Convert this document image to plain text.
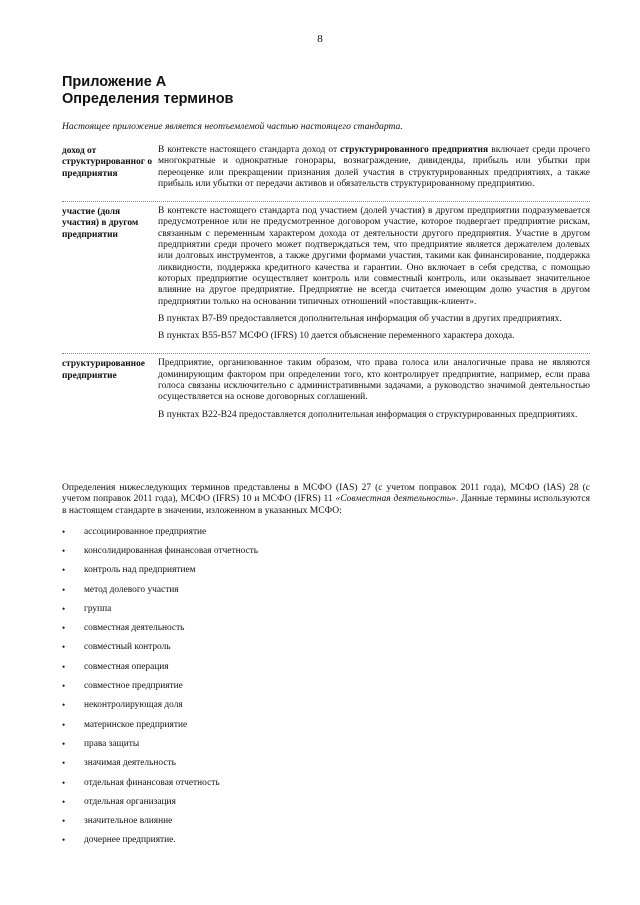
8
Приложение А
Определения терминов
Настоящее приложение является неотъемлемой частью настоящего стандарта.
доход от структурированног о предприятия

В контексте настоящего стандарта доход от структурированного предприятия включает среди прочего многократные и однократные гонорары, вознаграждение, дивиденды, прибыль или убытки при переоценке или прекращении признания долей участия в структурированных предприятиях, а также прибыль или убытки от передачи активов и обязательств структурированному предприятию.

участие (доля участия) в другом предприятии

В контексте настоящего стандарта под участием (долей участия) в другом предприятии подразумевается предусмотренное или не предусмотренное договором участие, которое подвергает предприятие рискам, связанным с переменным характером дохода от деятельности другого предприятия. Участие в другом предприятии среди прочего может подтверждаться тем, что предприятие является держателем долевых или долговых инструментов, а также другими формами участия, такими как финансирование, поддержка ликвидности, поддержка кредитного качества и гарантии. Оно включает в себя средства, с помощью которых предприятие осуществляет контроль или совместный контроль, или оказывает значительное влияние на другое предприятие. Предприятие не всегда считается имеющим долю участия в другом предприятии только на основании типичных отношений «поставщик-клиент».

В пунктах В7-В9 предоставляется дополнительная информация об участии в других предприятиях.

В пунктах В55-В57 МСФО (IFRS) 10 дается объяснение переменного характера дохода.

структурированное предприятие

Предприятие, организованное таким образом, что права голоса или аналогичные права не являются доминирующим фактором при определении того, кто контролирует предприятие, например, если права голоса связаны исключительно с административными задачами, а руководство значимой деятельностью осуществляется на основе договорных соглашений.

В пунктах В22-В24 предоставляется дополнительная информация о структурированных предприятиях.

Определения нижеследующих терминов представлены в МСФО (IAS) 27 (с учетом поправок 2011 года), МСФО (IAS) 28 (с учетом поправок 2011 года), МСФО (IFRS) 10 и МСФО (IFRS) 11 «Совместная деятельность». Данные термины используются в настоящем стандарте в значении, изложенном в указанных МСФО:

•	ассоциированное предприятие
•	консолидированная финансовая отчетность
•	контроль над предприятием
•	метод долевого участия
•	группа
•	совместная деятельность
•	совместный контроль
•	совместная операция
•	совместное предприятие
•	неконтролирующая доля
•	материнское предприятие
•	права защиты
•	значимая деятельность
•	отдельная финансовая отчетность
•	отдельная организация
•	значительное влияние
•	дочернее предприятие.
